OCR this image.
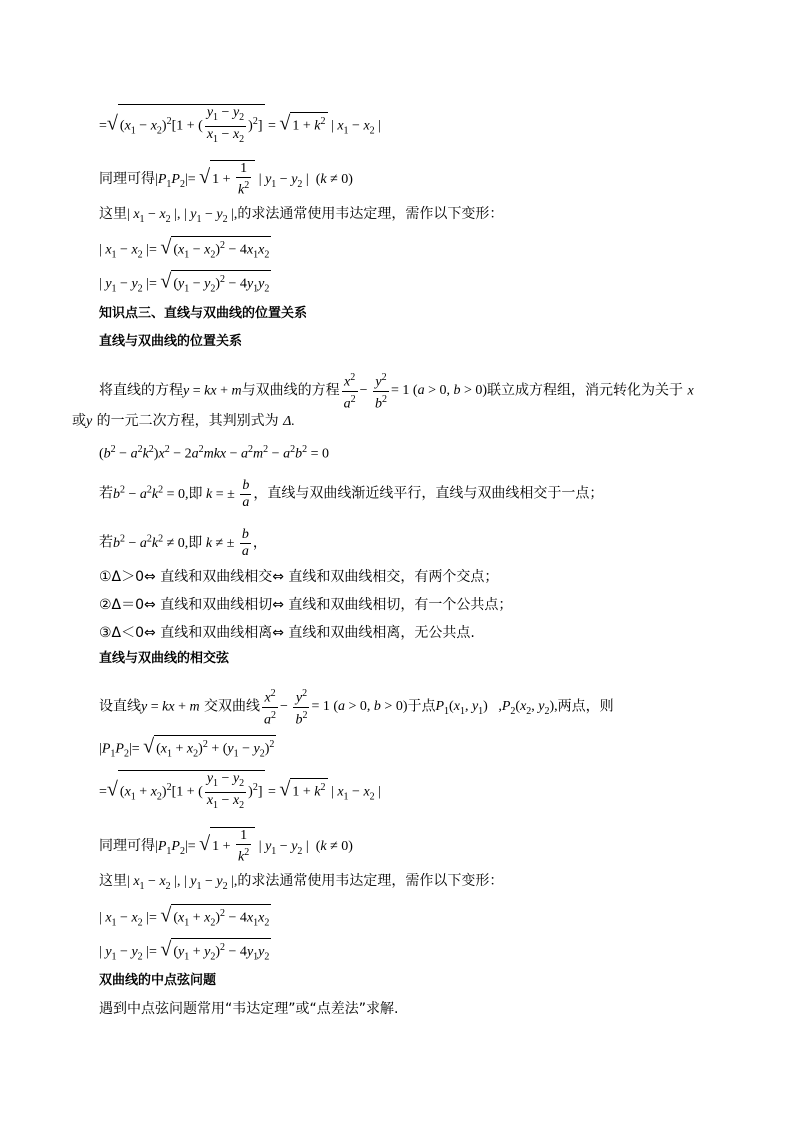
=√ $(x_1 - x_2)^2[1$ + ( $\frac{y_1 - y_2}{x_1 - x_2} )^2$] = √ $1 + k^2$ | $x_1 - x_2$ |
同理可得$|P_1P_2|=$ √ $1 + \frac{1}{k^2}$ | $y_1 - y_2$ |  (k ≠ 0)
这里| $x_1 - x_2$ |, | $y_1 - y_2$ |,的求法通常使用韦达定理，需作以下变形：
| $x_1 - x_2$ |= √ $(x_1 - x_2)^2 - 4x_1x_2$
| $y_1 - y_2$ |= √ $(y_1 - y_2)^2 - 4y_1y_2$
知识点三、直线与双曲线的位置关系
直线与双曲线的位置关系
将直线的方程y = kx + m与双曲线的方程 $\frac{x^2}{a^2} - \frac{y^2}{b^2} = 1$ (a > 0, b > 0)联立成方程组，消元转化为关于 x
或y 的一元二次方程，其判别式为 Δ.
$(b^2 - a^2k^2)x^2 - 2a^2mkx - a^2m^2 - a^2b^2 = 0$
若$b^2 - a^2k^2 = 0$,即 k = ± $\frac{b}{a}$ ，直线与双曲线渐近线平行，直线与双曲线相交于一点；
若$b^2 - a^2k^2 \ne 0$,即 k ≠ ± $\frac{b}{a}$ ，
①Δ＞0⇔ 直线和双曲线相交⇔ 直线和双曲线相交，有两个交点；
②Δ＝0⇔ 直线和双曲线相切⇔ 直线和双曲线相切，有一个公共点；
③Δ＜0⇔ 直线和双曲线相离⇔ 直线和双曲线相离，无公共点.
直线与双曲线的相交弦
设直线y = kx + m 交双曲线 $\frac{x^2}{a^2} - \frac{y^2}{b^2} = 1$ (a > 0, b > 0)于点$P_1(x_1$, $y_1$)   $,P_2(x_2$, $y_2$),两点，则
$|P_1P_2|=$ √ $(x_1 + x_2)^2 + (y_1 - y_2)^2$
=√ $(x_1 + x_2)^2[1$ + ( $\frac{y_1 - y_2}{x_1 - x_2} )^2$] = √ $1 + k^2$ | $x_1 - x_2$ |
同理可得$|P_1P_2|=$ √ $1 + \frac{1}{k^2}$ | $y_1 - y_2$ |  (k ≠ 0)
这里| $x_1 - x_2$ |, | $y_1 - y_2$ |,的求法通常使用韦达定理，需作以下变形：
| $x_1 - x_2$ |= √ $(x_1 + x_2)^2 - 4x_1x_2$
| $y_1 - y_2$ |= √ $(y_1 + y_2)^2 - 4y_1y_2$
双曲线的中点弦问题
遇到中点弦问题常用“韦达定理”或“点差法”求解.
